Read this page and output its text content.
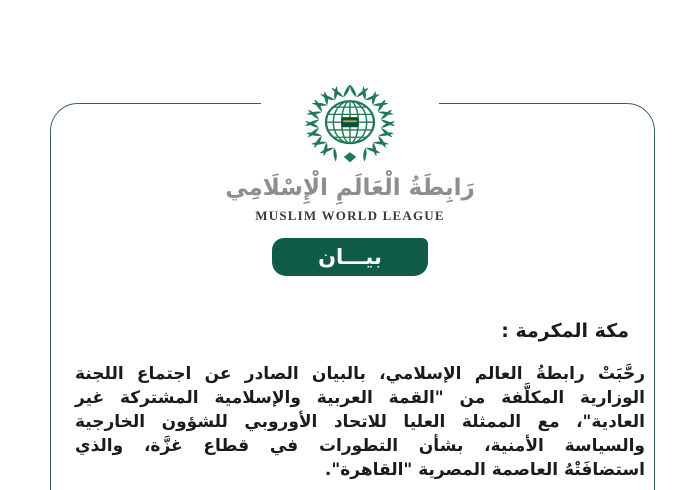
رَابِطَةُ الْعَالَمِ الْإِسْلَامِي
MUSLIM WORLD LEAGUE
بيـــان
مكة المكرمة :
رحَّبَتْ رابطةُ العالم الإسلامي، بالبيان الصادر عن اجتماع اللجنة
الوزارية المكلَّفة من "القمة العربية والإسلامية المشتركة غير
العادية"، مع الممثلة العليا للاتحاد الأوروبي للشؤون الخارجية
والسياسة الأمنية، بشأن التطورات في قطاع غزَّة، والذي
استضافَتْهُ العاصمة المصرية "القاهرة".
